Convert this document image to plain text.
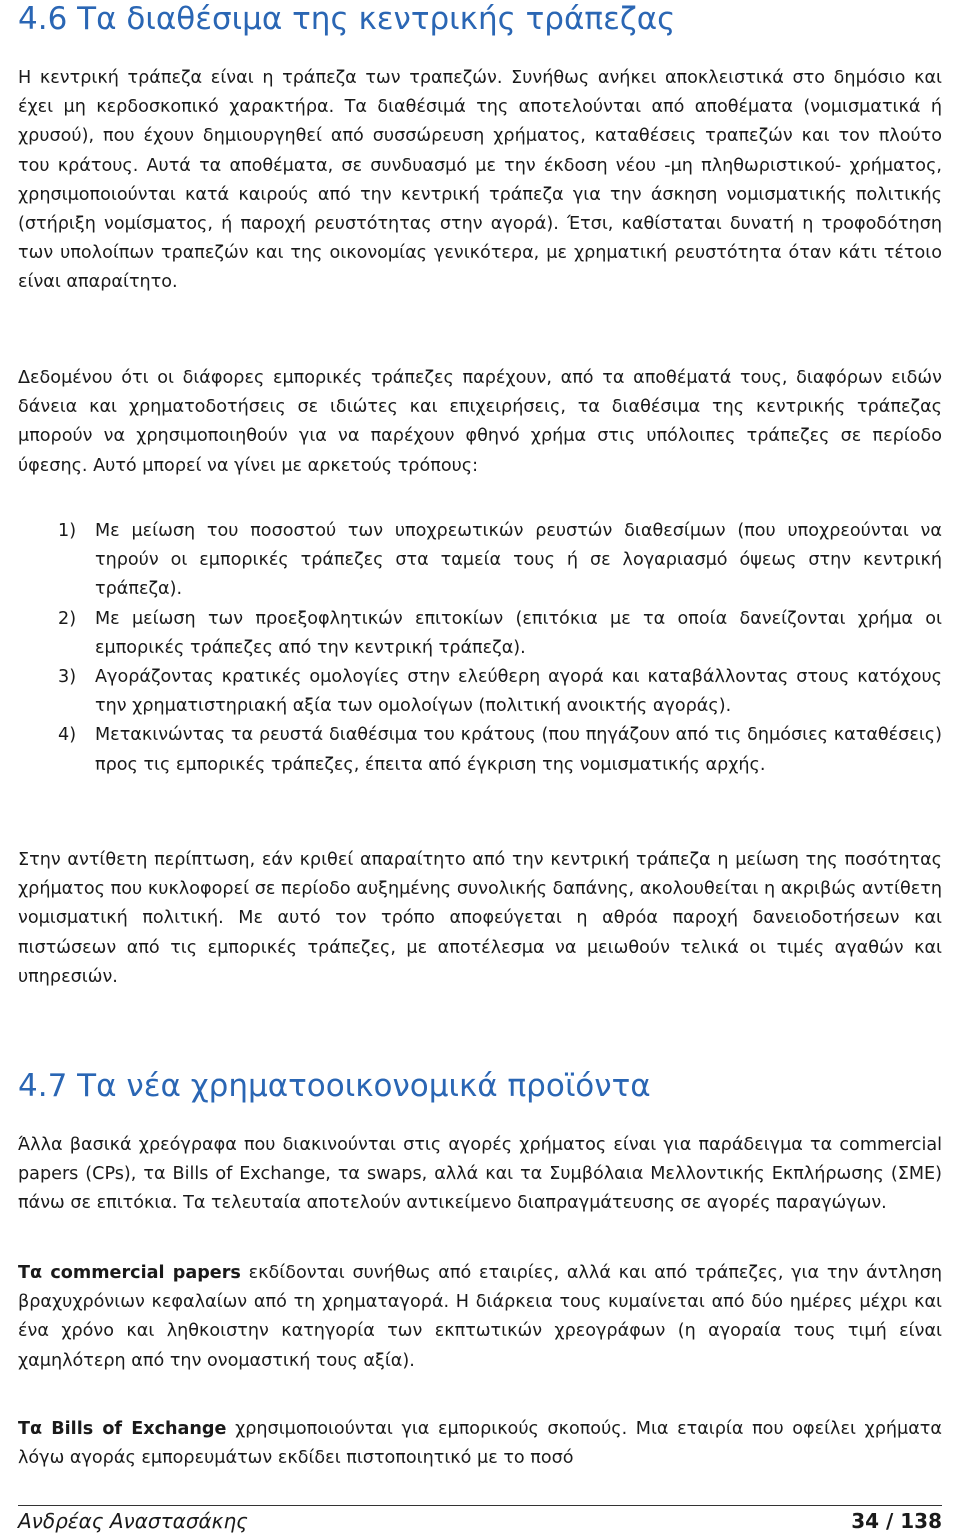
4.6 Τα διαθέσιμα της κεντρικής τράπεζας
Η κεντρική τράπεζα είναι η τράπεζα των τραπεζών. Συνήθως ανήκει αποκλειστικά στο δημόσιο και έχει μη κερδοσκοπικό χαρακτήρα. Τα διαθέσιμά της αποτελούνται από αποθέματα (νομισματικά ή χρυσού), που έχουν δημιουργηθεί από συσσώρευση χρήματος, καταθέσεις τραπεζών και τον πλούτο του κράτους. Αυτά τα αποθέματα, σε συνδυασμό με την έκδοση νέου -μη πληθωριστικού- χρήματος, χρησιμοποιούνται κατά καιρούς από την κεντρική τράπεζα για την άσκηση νομισματικής πολιτικής (στήριξη νομίσματος, ή παροχή ρευστότητας στην αγορά). Έτσι, καθίσταται δυνατή η τροφοδότηση των υπολοίπων τραπεζών και της οικονομίας γενικότερα, με χρηματική ρευστότητα όταν κάτι τέτοιο είναι απαραίτητο.
Δεδομένου ότι οι διάφορες εμπορικές τράπεζες παρέχουν, από τα αποθέματά τους, διαφόρων ειδών δάνεια και χρηματοδοτήσεις σε ιδιώτες και επιχειρήσεις, τα διαθέσιμα της κεντρικής τράπεζας μπορούν να χρησιμοποιηθούν για να παρέχουν φθηνό χρήμα στις υπόλοιπες τράπεζες σε περίοδο ύφεσης. Αυτό μπορεί να γίνει με αρκετούς τρόπους:
1) Με μείωση του ποσοστού των υποχρεωτικών ρευστών διαθεσίμων (που υποχρεούνται να τηρούν οι εμπορικές τράπεζες στα ταμεία τους ή σε λογαριασμό όψεως στην κεντρική τράπεζα).
2) Με μείωση των προεξοφλητικών επιτοκίων (επιτόκια με τα οποία δανείζονται χρήμα οι εμπορικές τράπεζες από την κεντρική τράπεζα).
3) Αγοράζοντας κρατικές ομολογίες στην ελεύθερη αγορά και καταβάλλοντας στους κατόχους την χρηματιστηριακή αξία των ομολοίγων (πολιτική ανοικτής αγοράς).
4) Μετακινώντας τα ρευστά διαθέσιμα του κράτους (που πηγάζουν από τις δημόσιες καταθέσεις) προς τις εμπορικές τράπεζες, έπειτα από έγκριση της νομισματικής αρχής.
Στην αντίθετη περίπτωση, εάν κριθεί απαραίτητο από την κεντρική τράπεζα η μείωση της ποσότητας χρήματος που κυκλοφορεί σε περίοδο αυξημένης συνολικής δαπάνης, ακολουθείται η ακριβώς αντίθετη νομισματική πολιτική. Με αυτό τον τρόπο αποφεύγεται η αθρόα παροχή δανειοδοτήσεων και πιστώσεων από τις εμπορικές τράπεζες, με αποτέλεσμα να μειωθούν τελικά οι τιμές αγαθών και υπηρεσιών.
4.7 Τα νέα χρηματοοικονομικά προϊόντα
Άλλα βασικά χρεόγραφα που διακινούνται στις αγορές χρήματος είναι για παράδειγμα τα commercial papers (CPs), τα Bills of Exchange, τα swaps, αλλά και τα Συμβόλαια Μελλοντικής Εκπλήρωσης (ΣΜΕ) πάνω σε επιτόκια. Τα τελευταία αποτελούν αντικείμενο διαπραγμάτευσης σε αγορές παραγώγων.
Τα commercial papers εκδίδονται συνήθως από εταιρίες, αλλά και από τράπεζες, για την άντληση βραχυχρόνιων κεφαλαίων από τη χρηματαγορά. Η διάρκεια τους κυμαίνεται από δύο ημέρες μέχρι και ένα χρόνο και ληθκοιστην κατηγορία των εκπτωτικών χρεογράφων (η αγοραία τους τιμή είναι χαμηλότερη από την ονομαστική τους αξία).
Τα Bills of Exchange χρησιμοποιούνται για εμπορικούς σκοπούς. Μια εταιρία που οφείλει χρήματα λόγω αγοράς εμπορευμάτων εκδίδει πιστοποιητικό με το ποσό
Ανδρέας Αναστασάκης	34 / 138
